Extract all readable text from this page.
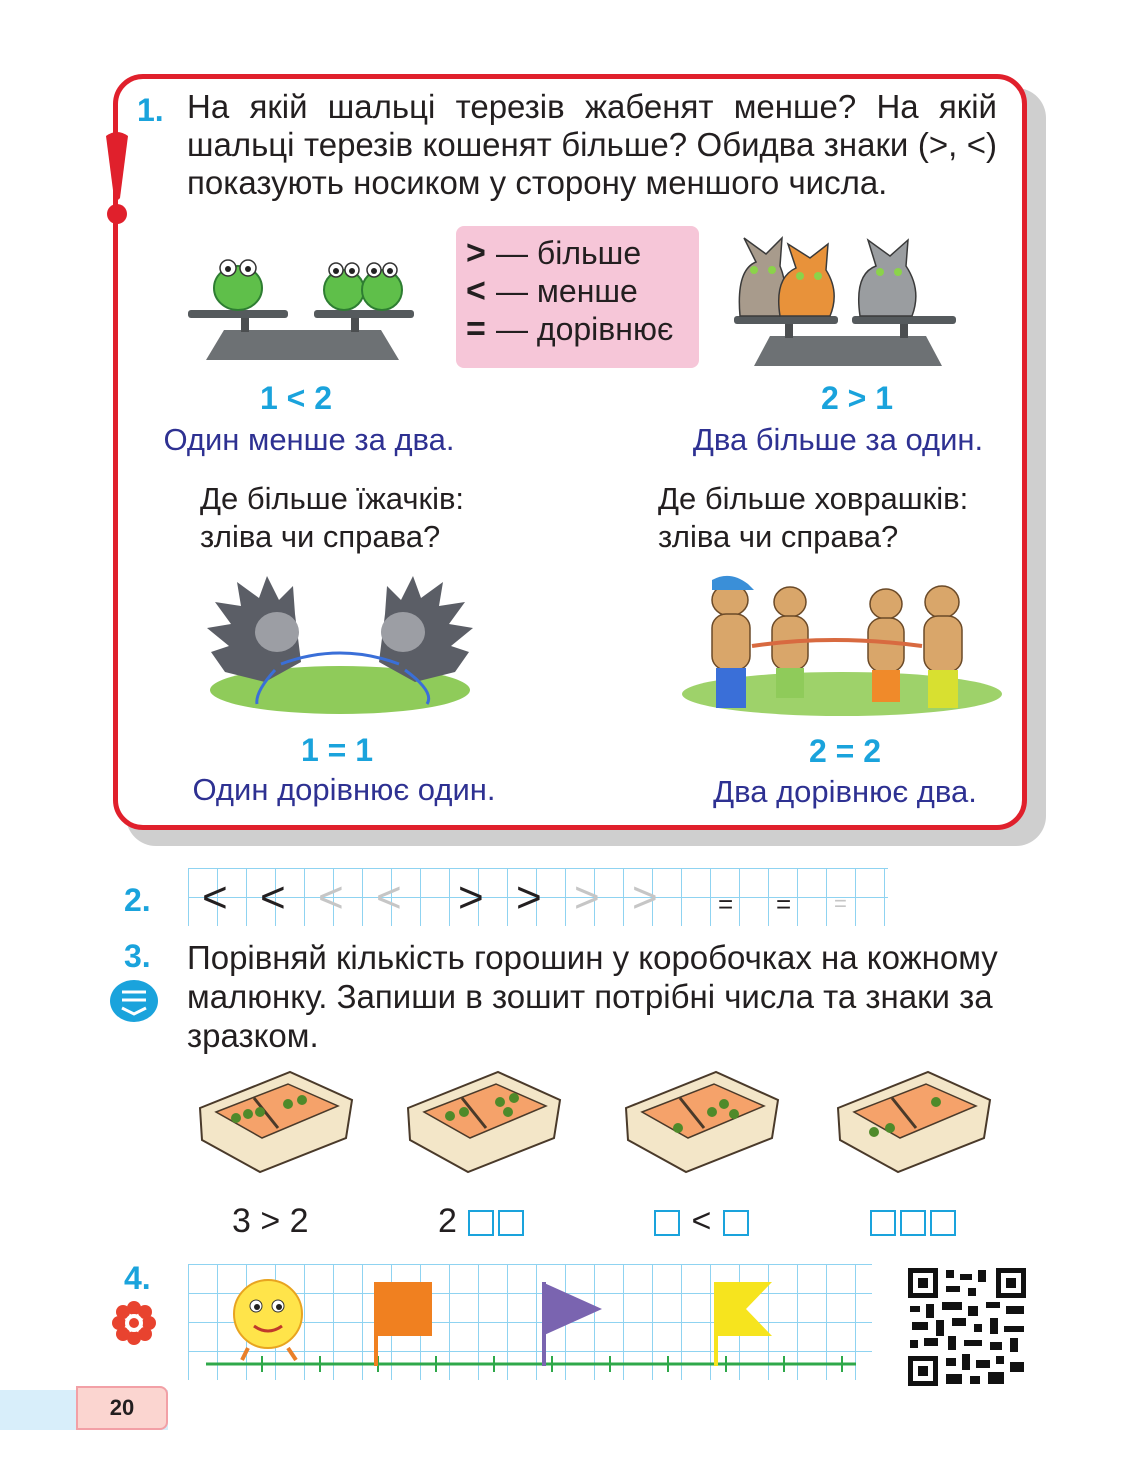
1. На якій шальці терезів жабенят менше? На якій шальці терезів кошенят більше? Обидва знаки (>, <) показують носиком у сторону меншого числа.
> — більше
< — менше
= — дорівнює
1 < 2
Один менше за два.
2 > 1
Два більше за один.
Де більше їжачків:
зліва чи справа?
Де більше ховрашків:
зліва чи справа?
1 = 1
Один дорівнює один.
2 = 2
Два дорівнює два.
2. < < < < > > > > = = =
3. Порівняй кількість горошин у коробочках на кожному малюнку. Запиши в зошит потрібні числа та знаки за зразком.
3 > 2	2	<
4.
20
